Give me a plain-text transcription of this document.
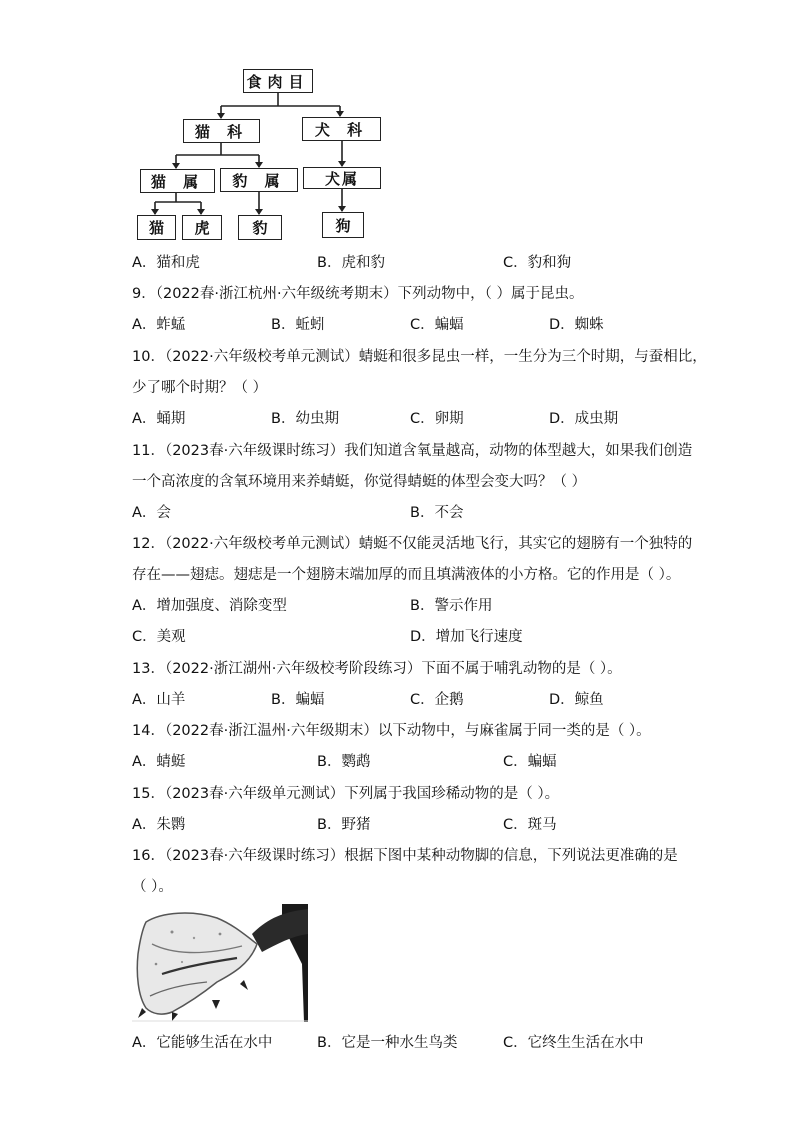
食肉目
猫 科	犬 科
猫 属	豹 属	犬属
猫	虎	豹	狗
A．猫和虎	B．虎和豹	C．豹和狗
9．（2022春·浙江杭州·六年级统考期末）下列动物中，（ ）属于昆虫。
A．蚱蜢	B．蚯蚓	C．蝙蝠	D．蜘蛛
10．（2022·六年级校考单元测试）蜻蜓和很多昆虫一样，一生分为三个时期，与蚕相比，
少了哪个时期？（ ）
A．蛹期	B．幼虫期	C．卵期	D．成虫期
11．（2023春·六年级课时练习）我们知道含氧量越高，动物的体型越大，如果我们创造
一个高浓度的含氧环境用来养蜻蜓，你觉得蜻蜓的体型会变大吗？（ ）
A．会	B．不会
12．（2022·六年级校考单元测试）蜻蜓不仅能灵活地飞行，其实它的翅膀有一个独特的
存在——翅痣。翅痣是一个翅膀末端加厚的而且填满液体的小方格。它的作用是（ ）。
A．增加强度、消除变型	B．警示作用
C．美观	D．增加飞行速度
13．（2022·浙江湖州·六年级校考阶段练习）下面不属于哺乳动物的是（ ）。
A．山羊	B．蝙蝠	C．企鹅	D．鲸鱼
14．（2022春·浙江温州·六年级期末）以下动物中，与麻雀属于同一类的是（ ）。
A．蜻蜓	B．鹦鹉	C．蝙蝠
15．（2023春·六年级单元测试）下列属于我国珍稀动物的是（ ）。
A．朱鹮	B．野猪	C．斑马
16．（2023春·六年级课时练习）根据下图中某种动物脚的信息，下列说法更准确的是
（ ）。
A．它能够生活在水中	B．它是一种水生鸟类	C．它终生生活在水中
